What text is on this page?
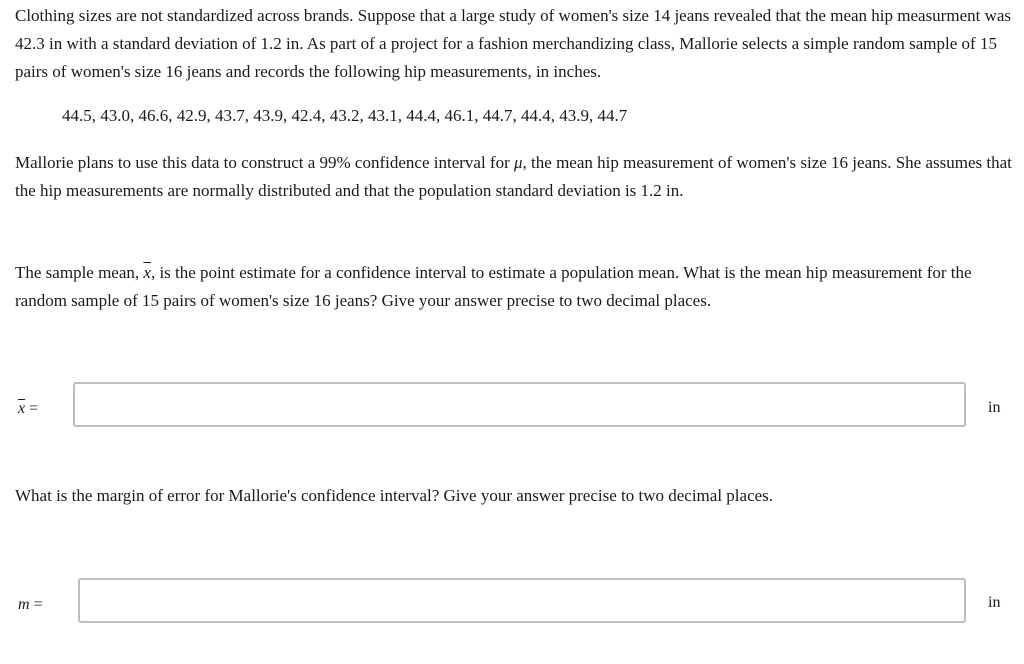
Clothing sizes are not standardized across brands. Suppose that a large study of women's size 14 jeans revealed that the mean hip measurment was 42.3 in with a standard deviation of 1.2 in. As part of a project for a fashion merchandizing class, Mallorie selects a simple random sample of 15 pairs of women's size 16 jeans and records the following hip measurements, in inches.

44.5, 43.0, 46.6, 42.9, 43.7, 43.9, 42.4, 43.2, 43.1, 44.4, 46.1, 44.7, 44.4, 43.9, 44.7

Mallorie plans to use this data to construct a 99% confidence interval for μ, the mean hip measurement of women's size 16 jeans. She assumes that the hip measurements are normally distributed and that the population standard deviation is 1.2 in.

The sample mean, $\overline{x}$, is the point estimate for a confidence interval to estimate a population mean. What is the mean hip measurement for the random sample of 15 pairs of women's size 16 jeans? Give your answer precise to two decimal places.

$\overline{x}$ =	in

What is the margin of error for Mallorie's confidence interval? Give your answer precise to two decimal places.

m =	in
